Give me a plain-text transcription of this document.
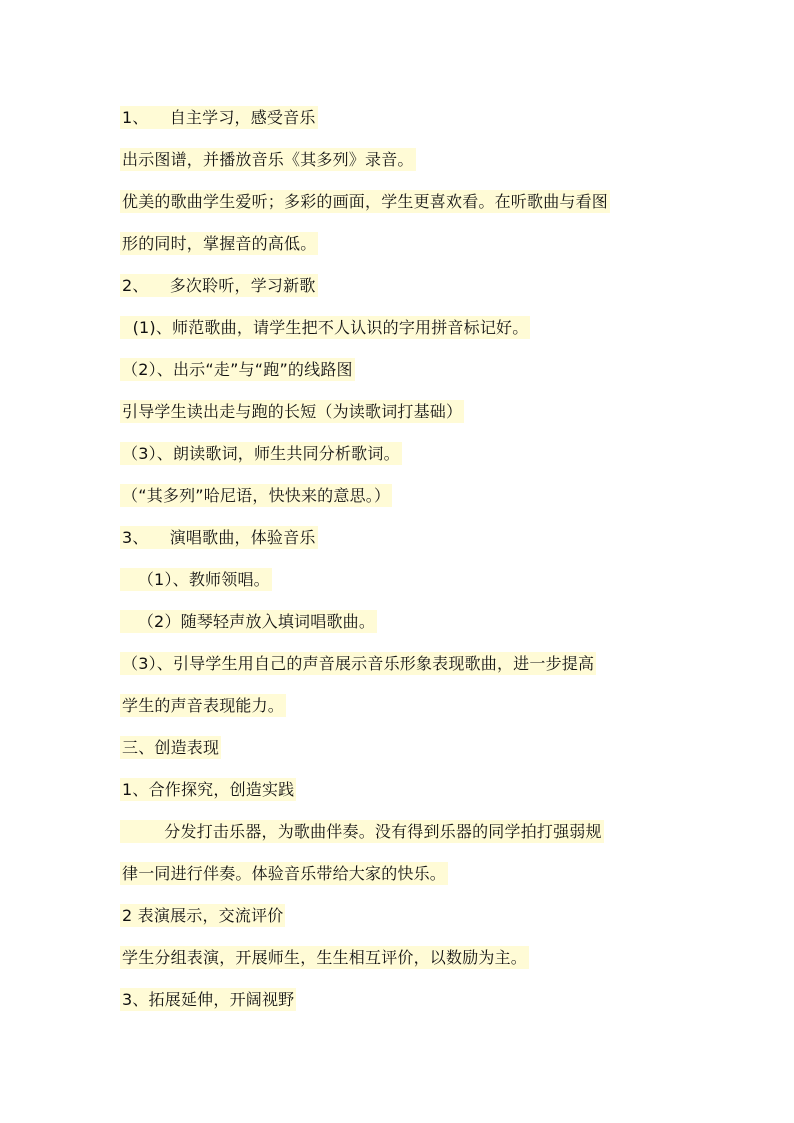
1、    自主学习，感受音乐
出示图谱，并播放音乐《其多列》录音。
优美的歌曲学生爱听；多彩的画面，学生更喜欢看。在听歌曲与看图
形的同时，掌握音的高低。
2、    多次聆听，学习新歌
(1)、师范歌曲，请学生把不人认识的字用拼音标记好。
（2）、出示“走”与“跑”的线路图
引导学生读出走与跑的长短（为读歌词打基础）
（3）、朗读歌词，师生共同分析歌词。
（“其多列”哈尼语，快快来的意思。）
3、    演唱歌曲，体验音乐
（1）、教师领唱。
（2）随琴轻声放入填词唱歌曲。
（3）、引导学生用自己的声音展示音乐形象表现歌曲，进一步提高
学生的声音表现能力。
三、创造表现
1、合作探究，创造实践
分发打击乐器，为歌曲伴奏。没有得到乐器的同学拍打强弱规
律一同进行伴奏。体验音乐带给大家的快乐。
2 表演展示，交流评价
学生分组表演，开展师生，生生相互评价，以数励为主。
3、拓展延伸，开阔视野
